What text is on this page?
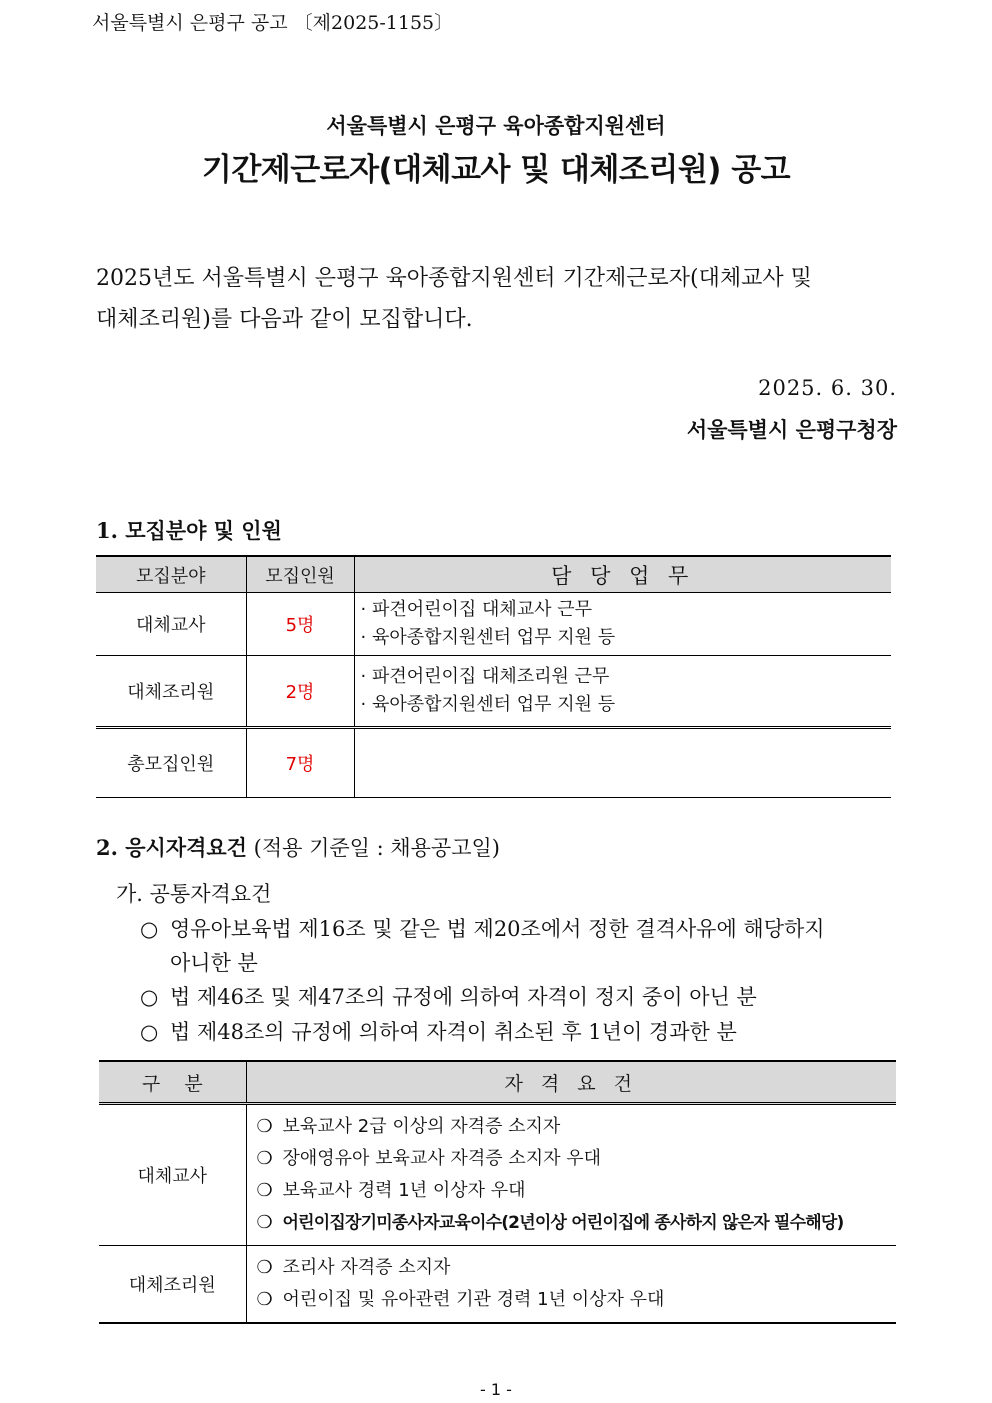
서울특별시 은평구 공고 〔제2025-1155〕
서울특별시 은평구 육아종합지원센터
기간제근로자(대체교사 및 대체조리원) 공고

2025년도 서울특별시 은평구 육아종합지원센터 기간제근로자(대체교사 및

대체조리원)를 다음과 같이 모집합니다.

2025. 6. 30.
서울특별시 은평구청장
1. 모집분야 및 인원
모집분야	모집인원	담 당 업 무
대체교사	5명	· 파견어린이집 대체교사 근무
· 육아종합지원센터 업무 지원 등

대체조리원	2명	· 파견어린이집 대체조리원 근무
· 육아종합지원센터 업무 지원 등

총모집인원	7명	
2. 응시자격요건 (적용 기준일 : 채용공고일)
가. 공통자격요건
○ 영유아보육법 제16조 및 같은 법 제20조에서 정한 결격사유에 해당하지
아니한 분
○ 법 제46조 및 제47조의 규정에 의하여 자격이 정지 중이 아닌 분
○ 법 제48조의 규정에 의하여 자격이 취소된 후 1년이 경과한 분
구    분	자 격 요 건
대체교사	❍ 보육교사 2급 이상의 자격증 소지자
❍ 장애영유아 보육교사 자격증 소지자 우대
❍ 보육교사 경력 1년 이상자 우대
❍ 어린이집장기미종사자교육이수(2년이상 어린이집에 종사하지 않은자 필수해당)

대체조리원	❍ 조리사 자격증 소지자
❍ 어린이집 및 유아관련 기관 경력 1년 이상자 우대
- 1 -
